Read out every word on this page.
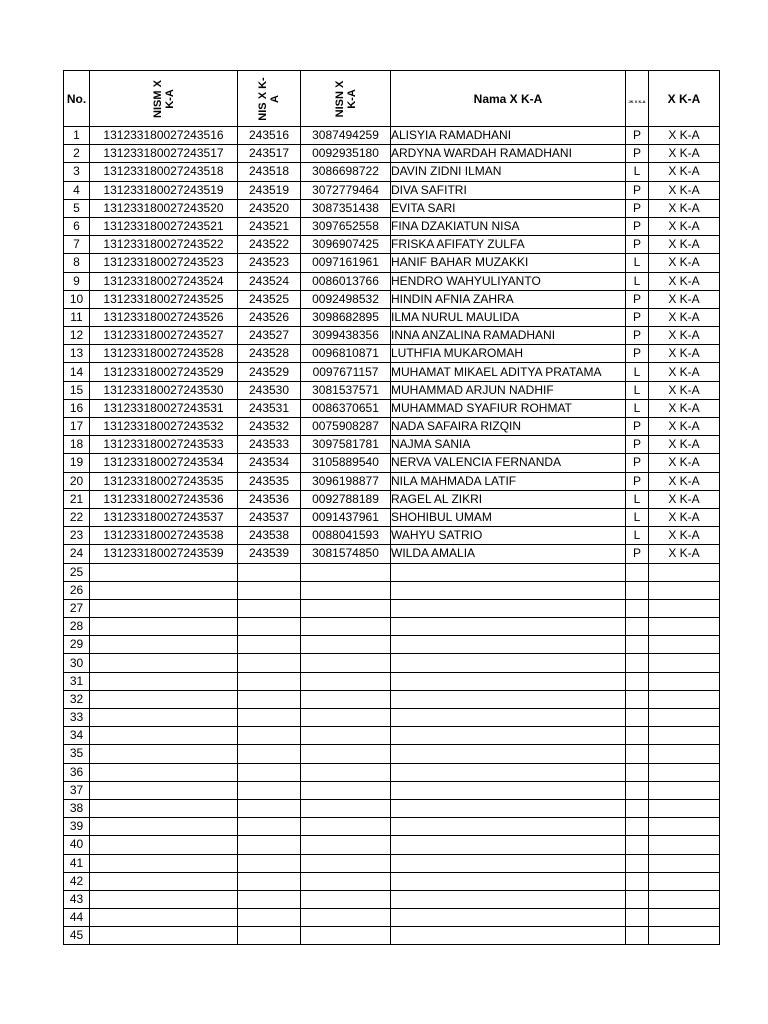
No.	NISM X K-A	NIS X K-A	NISN X K-A	Nama X K-A	JK X K-A	X K-A
1	131233180027243516	243516	3087494259	ALISYIA RAMADHANI	P	X K-A
2	131233180027243517	243517	0092935180	ARDYNA WARDAH RAMADHANI	P	X K-A
3	131233180027243518	243518	3086698722	DAVIN ZIDNI ILMAN	L	X K-A
4	131233180027243519	243519	3072779464	DIVA SAFITRI	P	X K-A
5	131233180027243520	243520	3087351438	EVITA SARI	P	X K-A
6	131233180027243521	243521	3097652558	FINA DZAKIATUN NISA	P	X K-A
7	131233180027243522	243522	3096907425	FRISKA AFIFATY ZULFA	P	X K-A
8	131233180027243523	243523	0097161961	HANIF BAHAR MUZAKKI	L	X K-A
9	131233180027243524	243524	0086013766	HENDRO WAHYULIYANTO	L	X K-A
10	131233180027243525	243525	0092498532	HINDIN AFNIA ZAHRA	P	X K-A
11	131233180027243526	243526	3098682895	ILMA NURUL MAULIDA	P	X K-A
12	131233180027243527	243527	3099438356	INNA ANZALINA RAMADHANI	P	X K-A
13	131233180027243528	243528	0096810871	LUTHFIA MUKAROMAH	P	X K-A
14	131233180027243529	243529	0097671157	MUHAMAT MIKAEL ADITYA PRATAMA	L	X K-A
15	131233180027243530	243530	3081537571	MUHAMMAD ARJUN NADHIF	L	X K-A
16	131233180027243531	243531	0086370651	MUHAMMAD SYAFIUR ROHMAT	L	X K-A
17	131233180027243532	243532	0075908287	NADA SAFAIRA RIZQIN	P	X K-A
18	131233180027243533	243533	3097581781	NAJMA SANIA	P	X K-A
19	131233180027243534	243534	3105889540	NERVA VALENCIA FERNANDA	P	X K-A
20	131233180027243535	243535	3096198877	NILA MAHMADA LATIF	P	X K-A
21	131233180027243536	243536	0092788189	RAGEL AL ZIKRI	L	X K-A
22	131233180027243537	243537	0091437961	SHOHIBUL UMAM	L	X K-A
23	131233180027243538	243538	0088041593	WAHYU SATRIO	L	X K-A
24	131233180027243539	243539	3081574850	WILDA AMALIA	P	X K-A
25						
26						
27						
28						
29						
30						
31						
32						
33						
34						
35						
36						
37						
38						
39						
40						
41						
42						
43						
44						
45						
